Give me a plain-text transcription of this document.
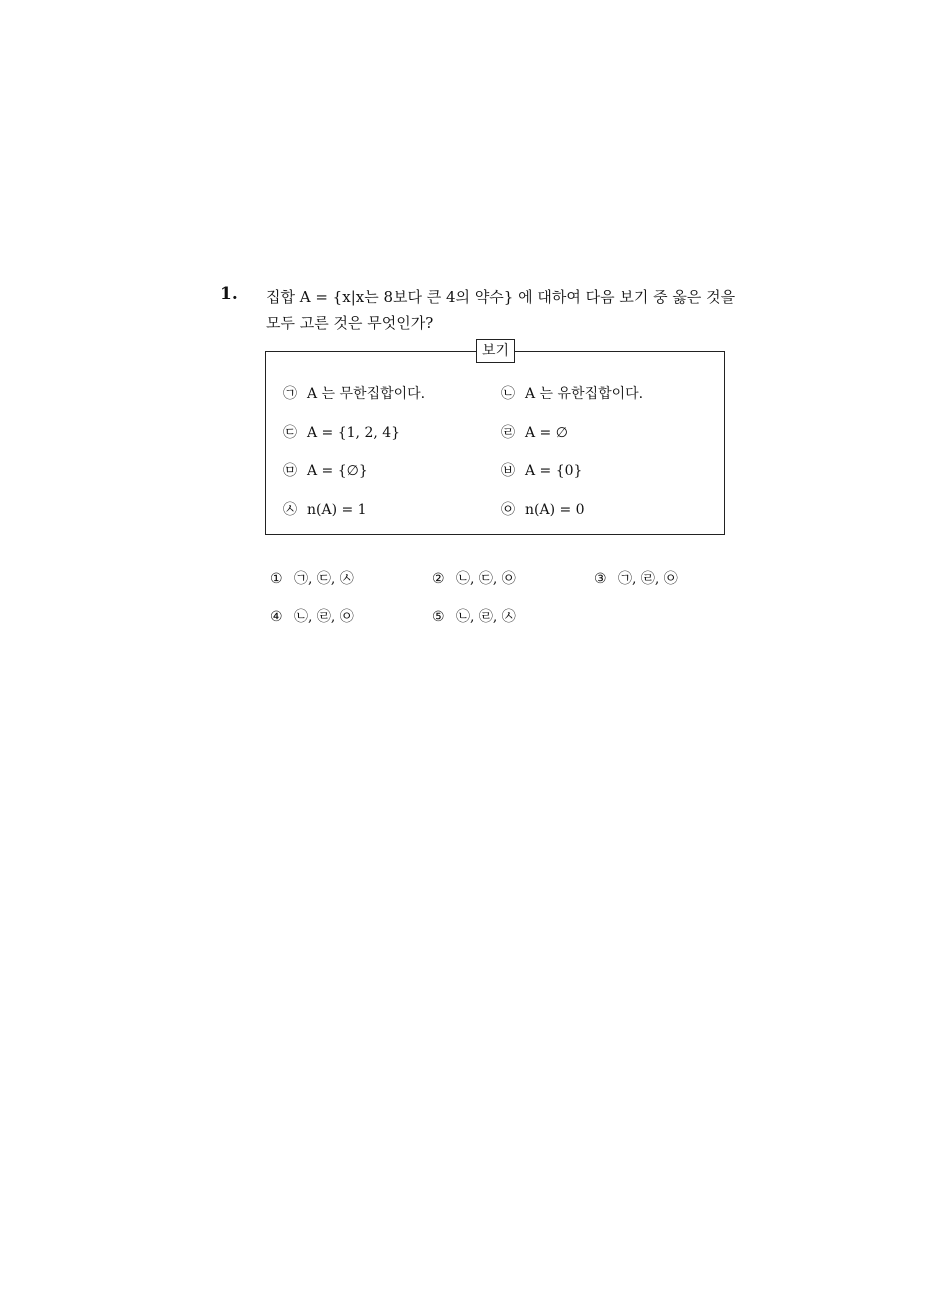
1. 집합 A = {x|x는 8보다 큰 4의 약수} 에 대하여 다음 보기 중 옳은 것을
모두 고른 것은 무엇인가?
보기
㉠ A 는 무한집합이다.	㉡ A 는 유한집합이다.
㉢ A = {1, 2, 4}	㉣ A = ∅
㉤ A = {∅}	㉥ A = {0}
㉦ n(A) = 1	㉧ n(A) = 0
① ㉠, ㉢, ㉦	② ㉡, ㉢, ㉧	③ ㉠, ㉣, ㉧
④ ㉡, ㉣, ㉧	⑤ ㉡, ㉣, ㉦
